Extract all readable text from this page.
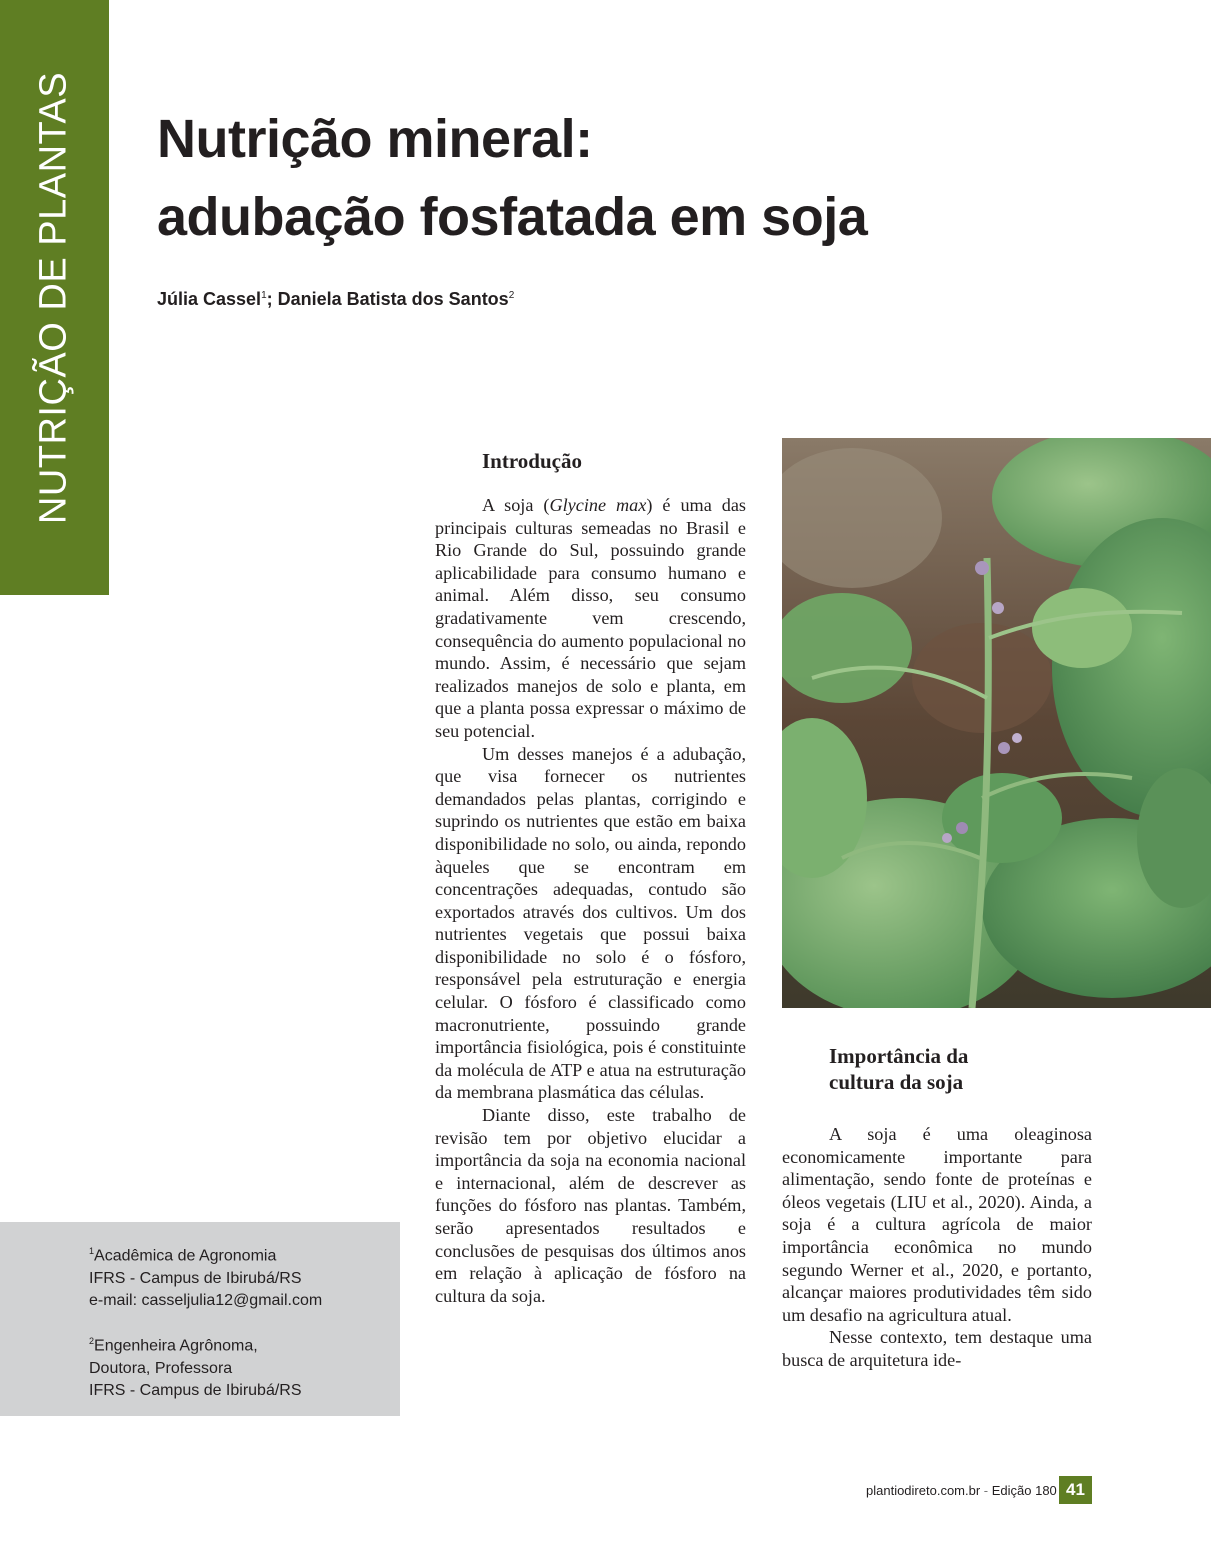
NUTRIÇÃO DE PLANTAS Nutrição mineral:
adubação fosfatada em soja
Júlia Cassel$^1$; Daniela Batista dos Santos$^2$
Introdução

A soja (Glycine max) é uma das principais culturas semeadas no Brasil e Rio Grande do Sul, possuindo grande aplicabilidade para consumo humano e animal. Além disso, seu consumo gradativamente vem crescendo, consequência do aumento populacional no mundo. Assim, é necessário que sejam realizados manejos de solo e planta, em que a planta possa expressar o máximo de seu potencial.

Um desses manejos é a adubação, que visa fornecer os nutrientes demandados pelas plantas, corrigindo e suprindo os nutrientes que estão em baixa disponibilidade no solo, ou ainda, repondo àqueles que se encontram em concentrações adequadas, contudo são exportados através dos cultivos. Um dos nutrientes vegetais que possui baixa disponibilidade no solo é o fósforo, responsável pela estruturação e energia celular. O fósforo é classificado como macronutriente, possuindo grande importância fisiológica, pois é constituinte da molécula de ATP e atua na estruturação da membrana plasmática das células.

Diante disso, este trabalho de revisão tem por objetivo elucidar a importância da soja na economia nacional e internacional, além de descrever as funções do fósforo nas plantas. Também, serão apresentados resultados e conclusões de pesquisas dos últimos anos em relação à aplicação de fósforo na cultura da soja.

Importância da
cultura da soja

A soja é uma oleaginosa economicamente importante para alimentação, sendo fonte de proteínas e óleos vegetais (LIU et al., 2020). Ainda, a soja é a cultura agrícola de maior importância econômica no mundo segundo Werner et al., 2020, e portanto, alcançar maiores produtividades têm sido um desafio na agricultura atual.

Nesse contexto, tem destaque uma busca de arquitetura ide-

$^1$Acadêmica de Agronomia
IFRS - Campus de Ibirubá/RS
e-mail: casseljulia12@gmail.com
$^2$Engenheira Agrônoma,
Doutora, Professora
IFRS - Campus de Ibirubá/RS
plantiodireto.com.br - Edição 180 41
